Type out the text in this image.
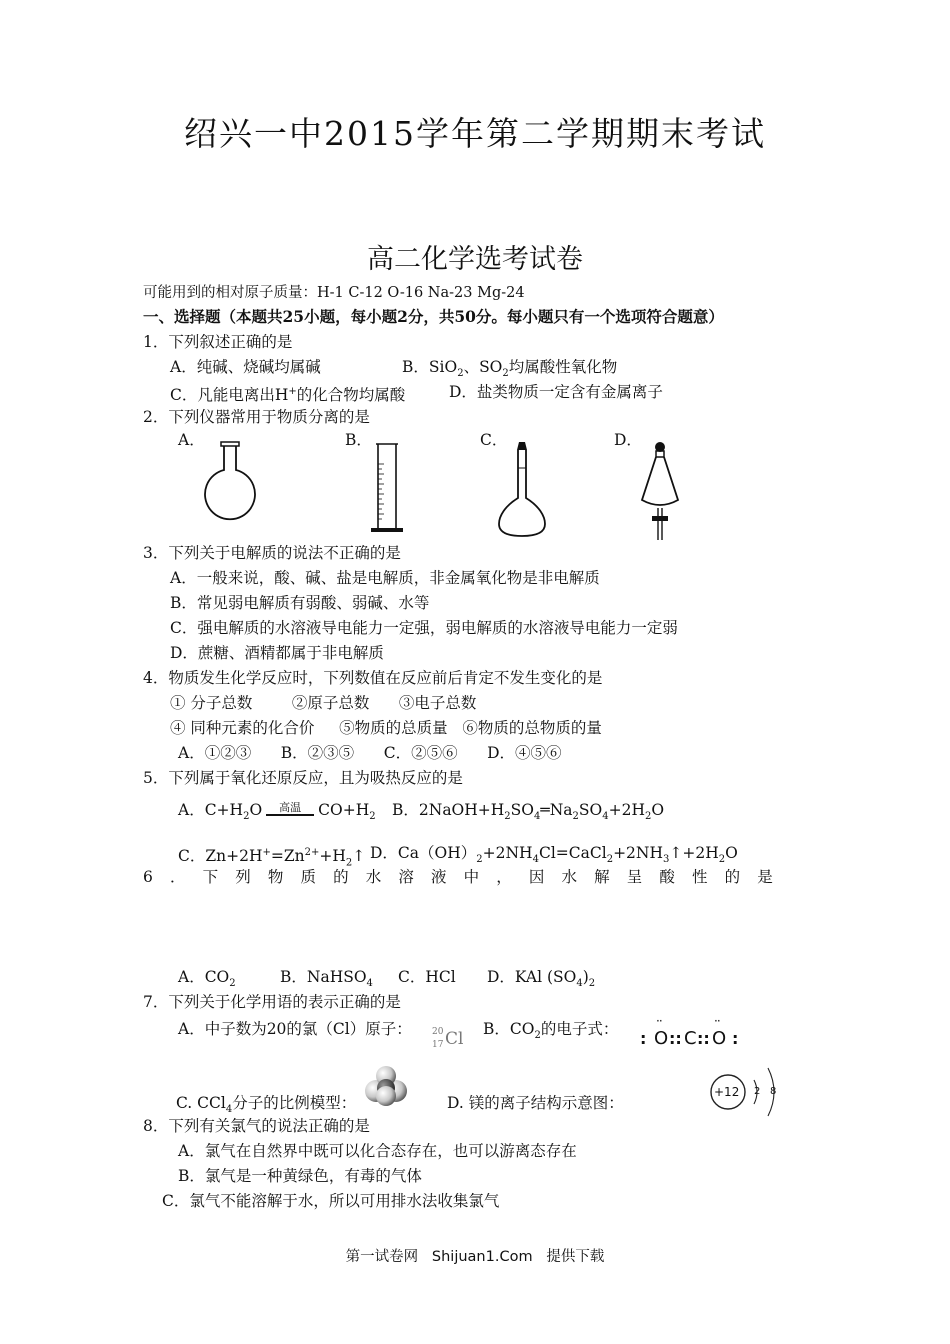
绍兴一中2015学年第二学期期末考试
高二化学选考试卷
可能用到的相对原子质量：H-1 C-12 O-16 Na-23 Mg-24
一、选择题（本题共25小题，每小题2分，共50分。每小题只有一个选项符合题意）
1．下列叙述正确的是
A．纯碱、烧碱均属碱	B．SiO$_2$、$SO_2$均属酸性氧化物
C．凡能电离出H+的化合物均属酸	D．盐类物质一定含有金属离子
2．下列仪器常用于物质分离的是
A．	B．	C．	D．
3．下列关于电解质的说法不正确的是
A．一般来说，酸、碱、盐是电解质，非金属氧化物是非电解质
B．常见弱电解质有弱酸、弱碱、水等
C．强电解质的水溶液导电能力一定强，弱电解质的水溶液导电能力一定弱
D．蔗糖、酒精都属于非电解质
4．物质发生化学反应时，下列数值在反应前后肯定不发生变化的是
① 分子总数        ②原子总数      ③电子总数
④ 同种元素的化合价     ⑤物质的总质量   ⑥物质的总物质的量
A．①②③      B．②③⑤      C．②⑤⑥      D．④⑤⑥
5．下列属于氧化还原反应，且为吸热反应的是
A．$C+H_2O$ 高温 $CO+H_2$ B．$2NaOH+H_2SO_4═Na_2SO_4+2H_2O$
C．$Zn+2H^+=Zn^{2+}+H_2↑$ D．$Ca(OH)_2+2NH_4Cl=CaCl_2+2NH_3↑+2H_2O$
6 ． 下 列 物 质 的 水 溶 液 中 ， 因 水 解 呈 酸 性 的 是
A．$CO_2$	B．NaHSO$_4$ C．HCl D．KAl $(SO_4)_2$
7．下列关于化学用语的表示正确的是
A．中子数为20的氯（Cl）原子： 20
17 Cl B．$CO_2$的电子式： :
··
O :: C ::
··
O :
C. CCl$_4$分子的比例模型：	D. 镁的离子结构示意图：
+12 2 8
8．下列有关氯气的说法正确的是
A．氯气在自然界中既可以化合态存在，也可以游离态存在
B．氯气是一种黄绿色，有毒的气体
C．氯气不能溶解于水，所以可用排水法收集氯气
第一试卷网   Shijuan1.Com   提供下载
